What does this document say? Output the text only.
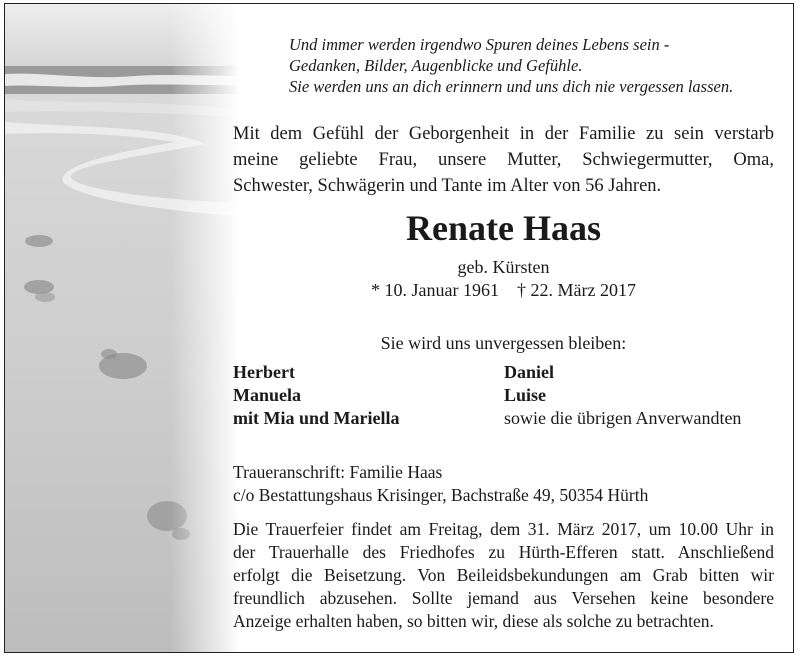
Und immer werden irgendwo Spuren deines Lebens sein -
Gedanken, Bilder, Augenblicke und Gefühle.
Sie werden uns an dich erinnern und uns dich nie vergessen lassen.
Mit dem Gefühl der Geborgenheit in der Familie zu sein verstarb
meine geliebte Frau, unsere Mutter, Schwiegermutter, Oma,
Schwester, Schwägerin und Tante im Alter von 56 Jahren.
Renate Haas
geb. Kürsten
* 10. Januar 1961 † 22. März 2017
Sie wird uns unvergessen bleiben:
Herbert
Manuela
mit Mia und Mariella
Daniel
Luise
sowie die übrigen Anverwandten
Traueranschrift: Familie Haas
c/o Bestattungshaus Krisinger, Bachstraße 49, 50354 Hürth
Die Trauerfeier findet am Freitag, dem 31. März 2017, um 10.00 Uhr in
der Trauerhalle des Friedhofes zu Hürth-Efferen statt. Anschließend
erfolgt die Beisetzung. Von Beileidsbekundungen am Grab bitten wir
freundlich abzusehen. Sollte jemand aus Versehen keine besondere
Anzeige erhalten haben, so bitten wir, diese als solche zu betrachten.
